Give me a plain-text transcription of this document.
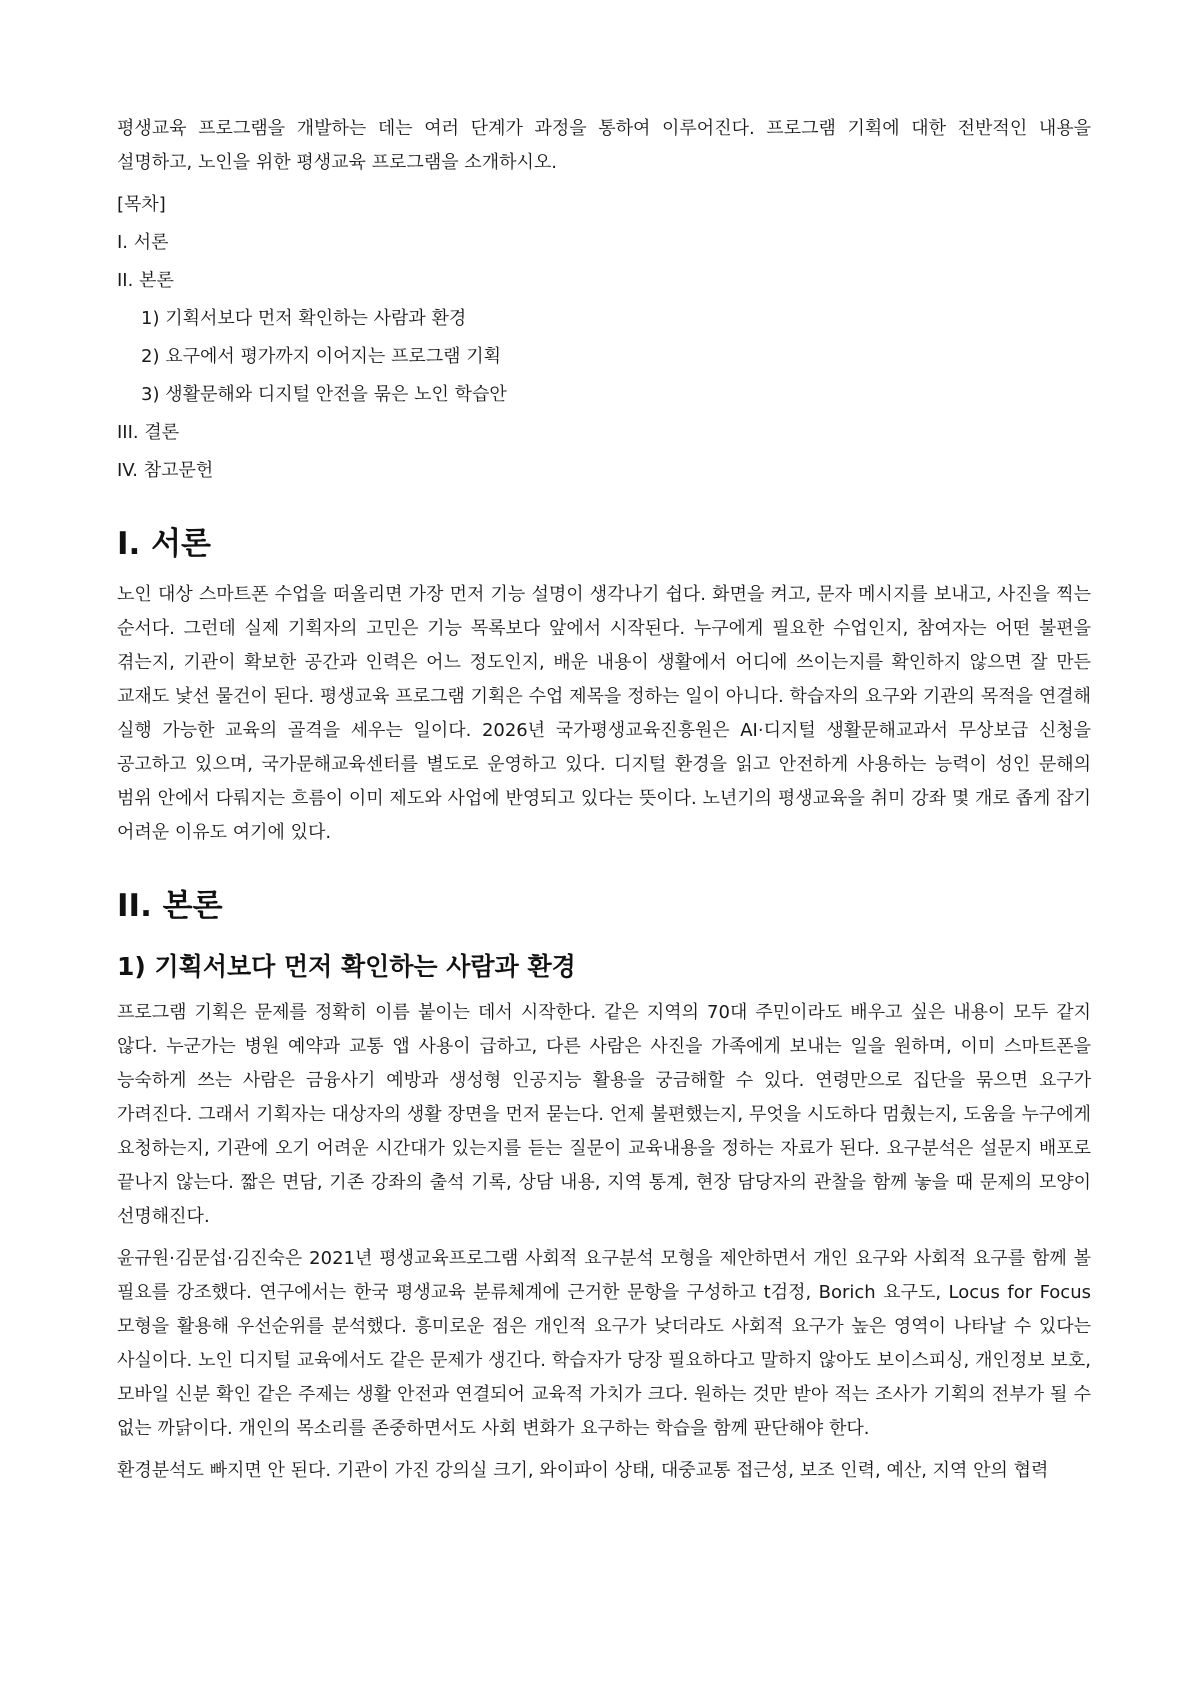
평생교육 프로그램을 개발하는 데는 여러 단계가 과정을 통하여 이루어진다. 프로그램 기획에 대한 전반적인 내용을 설명하고, 노인을 위한 평생교육 프로그램을 소개하시오.

[목차]
I. 서론
II. 본론
1) 기획서보다 먼저 확인하는 사람과 환경
2) 요구에서 평가까지 이어지는 프로그램 기획
3) 생활문해와 디지털 안전을 묶은 노인 학습안
III. 결론
IV. 참고문헌
I. 서론

노인 대상 스마트폰 수업을 떠올리면 가장 먼저 기능 설명이 생각나기 쉽다. 화면을 켜고, 문자 메시지를 보내고, 사진을 찍는 순서다. 그런데 실제 기획자의 고민은 기능 목록보다 앞에서 시작된다. 누구에게 필요한 수업인지, 참여자는 어떤 불편을 겪는지, 기관이 확보한 공간과 인력은 어느 정도인지, 배운 내용이 생활에서 어디에 쓰이는지를 확인하지 않으면 잘 만든 교재도 낯선 물건이 된다. 평생교육 프로그램 기획은 수업 제목을 정하는 일이 아니다. 학습자의 요구와 기관의 목적을 연결해 실행 가능한 교육의 골격을 세우는 일이다. 2026년 국가평생교육진흥원은 AI·디지털 생활문해교과서 무상보급 신청을 공고하고 있으며, 국가문해교육센터를 별도로 운영하고 있다. 디지털 환경을 읽고 안전하게 사용하는 능력이 성인 문해의 범위 안에서 다뤄지는 흐름이 이미 제도와 사업에 반영되고 있다는 뜻이다. 노년기의 평생교육을 취미 강좌 몇 개로 좁게 잡기 어려운 이유도 여기에 있다.

II. 본론
1) 기획서보다 먼저 확인하는 사람과 환경

프로그램 기획은 문제를 정확히 이름 붙이는 데서 시작한다. 같은 지역의 70대 주민이라도 배우고 싶은 내용이 모두 같지 않다. 누군가는 병원 예약과 교통 앱 사용이 급하고, 다른 사람은 사진을 가족에게 보내는 일을 원하며, 이미 스마트폰을 능숙하게 쓰는 사람은 금융사기 예방과 생성형 인공지능 활용을 궁금해할 수 있다. 연령만으로 집단을 묶으면 요구가 가려진다. 그래서 기획자는 대상자의 생활 장면을 먼저 묻는다. 언제 불편했는지, 무엇을 시도하다 멈췄는지, 도움을 누구에게 요청하는지, 기관에 오기 어려운 시간대가 있는지를 듣는 질문이 교육내용을 정하는 자료가 된다. 요구분석은 설문지 배포로 끝나지 않는다. 짧은 면담, 기존 강좌의 출석 기록, 상담 내용, 지역 통계, 현장 담당자의 관찰을 함께 놓을 때 문제의 모양이 선명해진다.

윤규원·김문섭·김진숙은 2021년 평생교육프로그램 사회적 요구분석 모형을 제안하면서 개인 요구와 사회적 요구를 함께 볼 필요를 강조했다. 연구에서는 한국 평생교육 분류체계에 근거한 문항을 구성하고 t검정, Borich 요구도, Locus for Focus 모형을 활용해 우선순위를 분석했다. 흥미로운 점은 개인적 요구가 낮더라도 사회적 요구가 높은 영역이 나타날 수 있다는 사실이다. 노인 디지털 교육에서도 같은 문제가 생긴다. 학습자가 당장 필요하다고 말하지 않아도 보이스피싱, 개인정보 보호, 모바일 신분 확인 같은 주제는 생활 안전과 연결되어 교육적 가치가 크다. 원하는 것만 받아 적는 조사가 기획의 전부가 될 수 없는 까닭이다. 개인의 목소리를 존중하면서도 사회 변화가 요구하는 학습을 함께 판단해야 한다.

환경분석도 빠지면 안 된다. 기관이 가진 강의실 크기, 와이파이 상태, 대중교통 접근성, 보조 인력, 예산, 지역 안의 협력
